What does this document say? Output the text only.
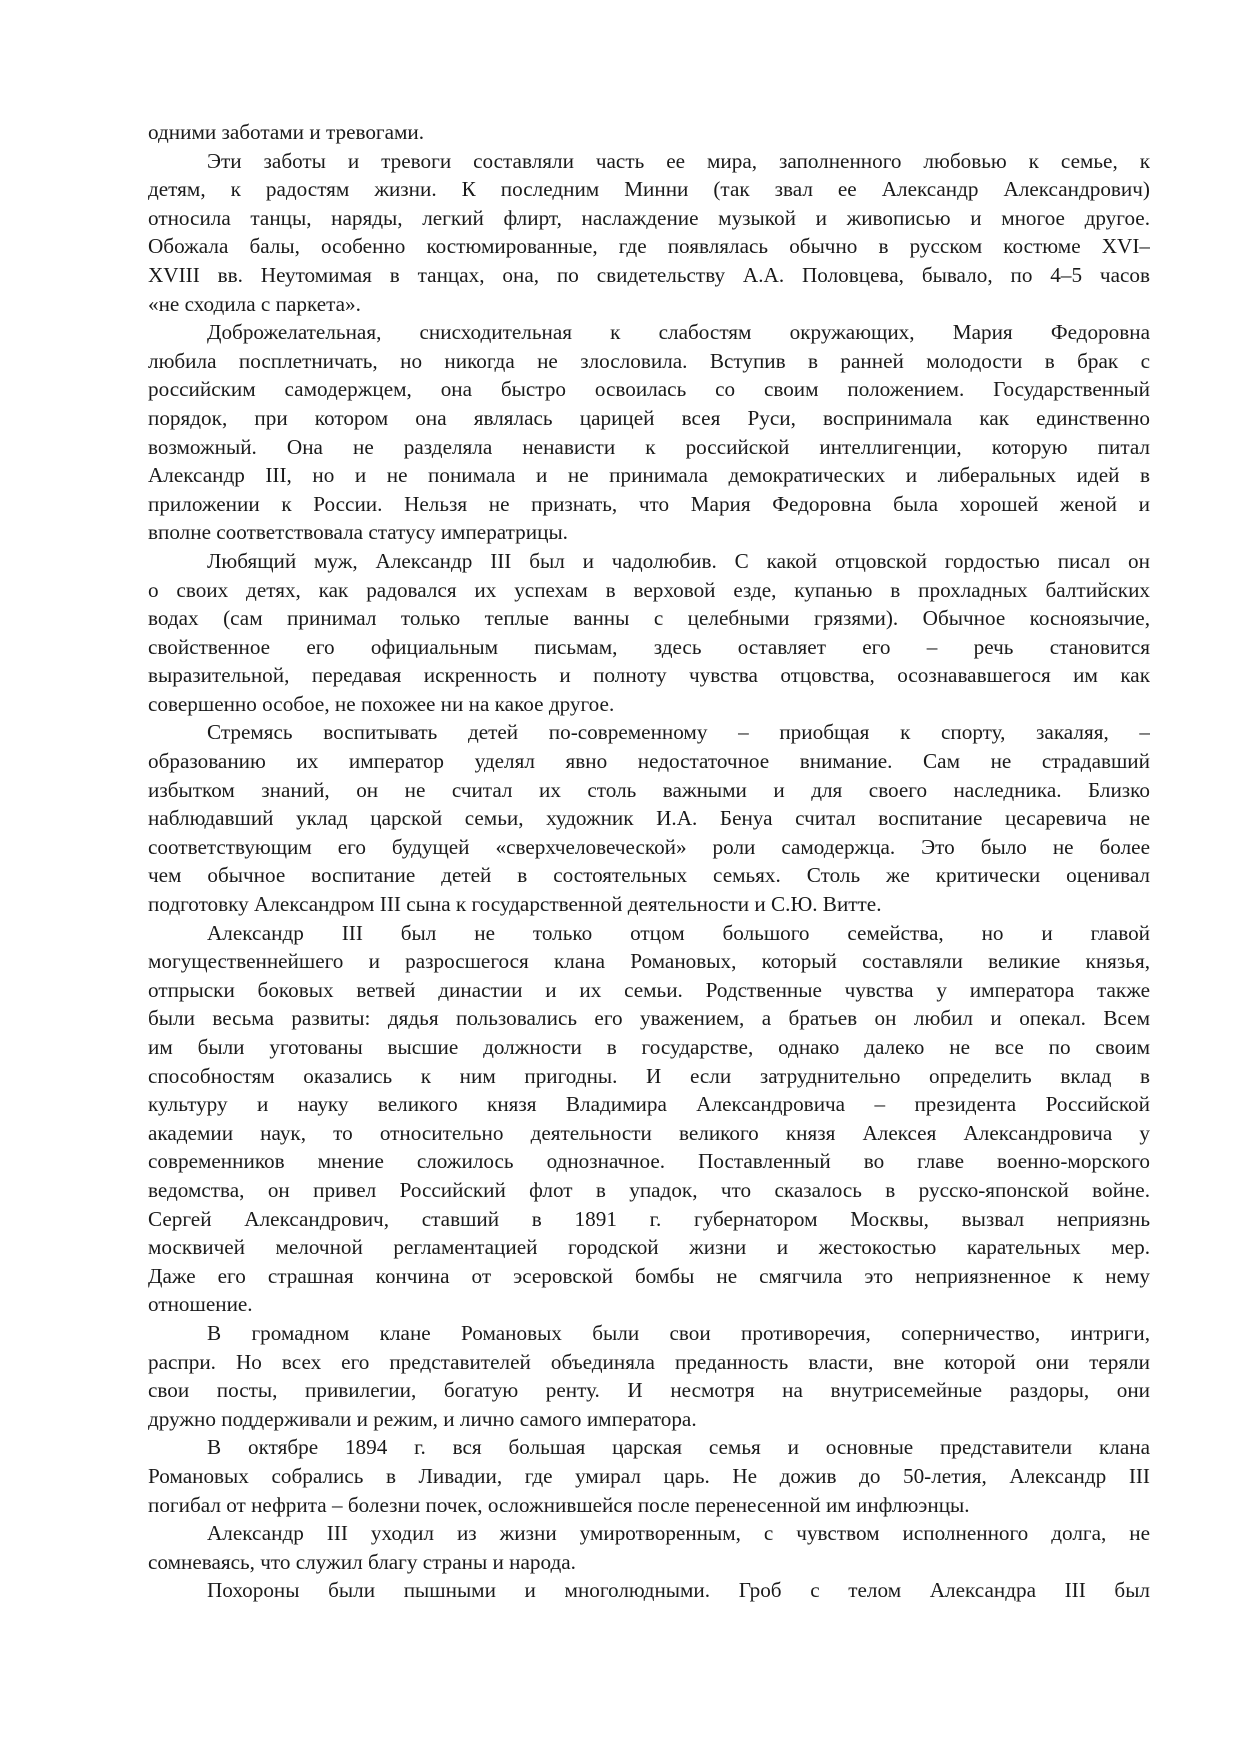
одними заботами и тревогами.
Эти заботы и тревоги составляли часть ее мира, заполненного любовью к семье, к
детям, к радостям жизни. К последним Минни (так звал ее Александр Александрович)
относила танцы, наряды, легкий флирт, наслаждение музыкой и живописью и многое другое.
Обожала балы, особенно костюмированные, где появлялась обычно в русском костюме XVI–
XVIII вв. Неутомимая в танцах, она, по свидетельству А.А. Половцева, бывало, по 4–5 часов
«не сходила с паркета».
Доброжелательная, снисходительная к слабостям окружающих, Мария Федоровна
любила посплетничать, но никогда не злословила. Вступив в ранней молодости в брак с
российским самодержцем, она быстро освоилась со своим положением. Государственный
порядок, при котором она являлась царицей всея Руси, воспринимала как единственно
возможный. Она не разделяла ненависти к российской интеллигенции, которую питал
Александр III, но и не понимала и не принимала демократических и либеральных идей в
приложении к России. Нельзя не признать, что Мария Федоровна была хорошей женой и
вполне соответствовала статусу императрицы.
Любящий муж, Александр III был и чадолюбив. С какой отцовской гордостью писал он
о своих детях, как радовался их успехам в верховой езде, купанью в прохладных балтийских
водах (сам принимал только теплые ванны с целебными грязями). Обычное косноязычие,
свойственное его официальным письмам, здесь оставляет его – речь становится
выразительной, передавая искренность и полноту чувства отцовства, осознававшегося им как
совершенно особое, не похожее ни на какое другое.
Стремясь воспитывать детей по-современному – приобщая к спорту, закаляя, –
образованию их император уделял явно недостаточное внимание. Сам не страдавший
избытком знаний, он не считал их столь важными и для своего наследника. Близко
наблюдавший уклад царской семьи, художник И.А. Бенуа считал воспитание цесаревича не
соответствующим его будущей «сверхчеловеческой» роли самодержца. Это было не более
чем обычное воспитание детей в состоятельных семьях. Столь же критически оценивал
подготовку Александром III сына к государственной деятельности и С.Ю. Витте.
Александр III был не только отцом большого семейства, но и главой
могущественнейшего и разросшегося клана Романовых, который составляли великие князья,
отпрыски боковых ветвей династии и их семьи. Родственные чувства у императора также
были весьма развиты: дядья пользовались его уважением, а братьев он любил и опекал. Всем
им были уготованы высшие должности в государстве, однако далеко не все по своим
способностям оказались к ним пригодны. И если затруднительно определить вклад в
культуру и науку великого князя Владимира Александровича – президента Российской
академии наук, то относительно деятельности великого князя Алексея Александровича у
современников мнение сложилось однозначное. Поставленный во главе военно-морского
ведомства, он привел Российский флот в упадок, что сказалось в русско-японской войне.
Сергей Александрович, ставший в 1891 г. губернатором Москвы, вызвал неприязнь
москвичей мелочной регламентацией городской жизни и жестокостью карательных мер.
Даже его страшная кончина от эсеровской бомбы не смягчила это неприязненное к нему
отношение.
В громадном клане Романовых были свои противоречия, соперничество, интриги,
распри. Но всех его представителей объединяла преданность власти, вне которой они теряли
свои посты, привилегии, богатую ренту. И несмотря на внутрисемейные раздоры, они
дружно поддерживали и режим, и лично самого императора.
В октябре 1894 г. вся большая царская семья и основные представители клана
Романовых собрались в Ливадии, где умирал царь. Не дожив до 50-летия, Александр III
погибал от нефрита – болезни почек, осложнившейся после перенесенной им инфлюэнцы.
Александр III уходил из жизни умиротворенным, с чувством исполненного долга, не
сомневаясь, что служил благу страны и народа.
Похороны были пышными и многолюдными. Гроб с телом Александра III был
